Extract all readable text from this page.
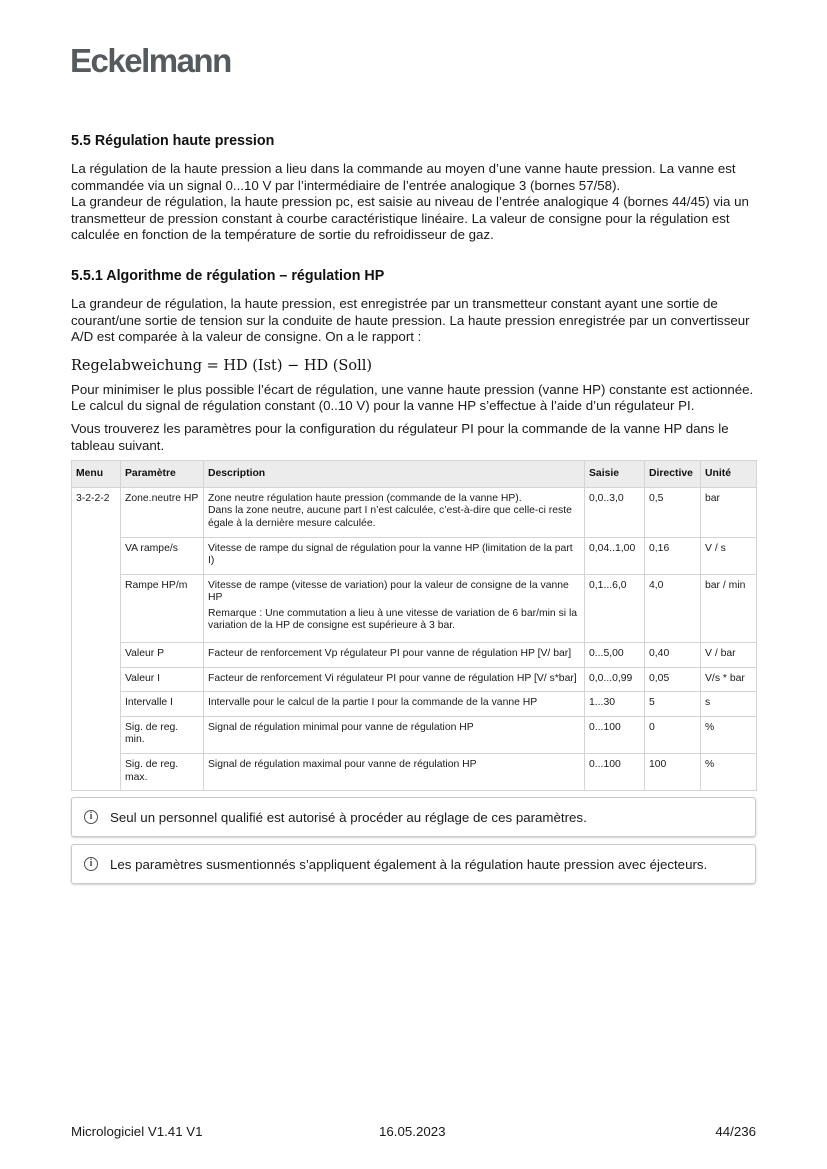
Eckelmann
5.5 Régulation haute pression

La régulation de la haute pression a lieu dans la commande au moyen d’une vanne haute pression. La vanne est commandée via un signal 0...10 V par l’intermédiaire de l’entrée analogique 3 (bornes 57/58).

La grandeur de régulation, la haute pression pc, est saisie au niveau de l’entrée analogique 4 (bornes 44/45) via un transmetteur de pression constant à courbe caractéristique linéaire. La valeur de consigne pour la régulation est calculée en fonction de la température de sortie du refroidisseur de gaz.

5.5.1 Algorithme de régulation – régulation HP

La grandeur de régulation, la haute pression, est enregistrée par un transmetteur constant ayant une sortie de courant/une sortie de tension sur la conduite de haute pression. La haute pression enregistrée par un convertisseur A/D est comparée à la valeur de consigne. On a le rapport :

Regelabweichung = HD (Ist) − HD (Soll)

Pour minimiser le plus possible l’écart de régulation, une vanne haute pression (vanne HP) constante est actionnée. Le calcul du signal de régulation constant (0..10 V) pour la vanne HP s’effectue à l’aide d’un régulateur PI.

Vous trouverez les paramètres pour la configuration du régulateur PI pour la commande de la vanne HP dans le tableau suivant.

Menu	Paramètre	Description	Saisie	Directive	Unité
3-2-2-2	Zone.neutre HP	Zone neutre régulation haute pression (commande de la vanne HP).
Dans la zone neutre, aucune part I n’est calculée, c’est-à-dire que celle-ci reste égale à la dernière mesure calculée.	0,0..3,0	0,5	bar
	VA rampe/s	Vitesse de rampe du signal de régulation pour la vanne HP (limitation de la part I)	0,04..1,00	0,16	V / s
	Rampe HP/m	Vitesse de rampe (vitesse de variation) pour la valeur de consigne de la vanne HP

Remarque : Une commutation a lieu à une vitesse de variation de 6 bar/min si la variation de la HP de consigne est supérieure à 3 bar.	0,1...6,0	4,0	bar / min
	Valeur P	Facteur de renforcement Vp régulateur PI pour vanne de régulation HP [V/ bar]	0...5,00	0,40	V / bar
	Valeur I	Facteur de renforcement Vi régulateur PI pour vanne de régulation HP [V/ s*bar]	0,0...0,99	0,05	V/s * bar
	Intervalle I	Intervalle pour le calcul de la partie I pour la commande de la vanne HP	1...30	5	s
	Sig. de reg. min.	Signal de régulation minimal pour vanne de régulation HP	0...100	0	%
	Sig. de reg. max.	Signal de régulation maximal pour vanne de régulation HP	0...100	100	%
i	Seul un personnel qualifié est autorisé à procéder au réglage de ces paramètres.
i	Les paramètres susmentionnés s’appliquent également à la régulation haute pression avec éjecteurs.
Micrologiciel V1.41 V1	16.05.2023	44/236
